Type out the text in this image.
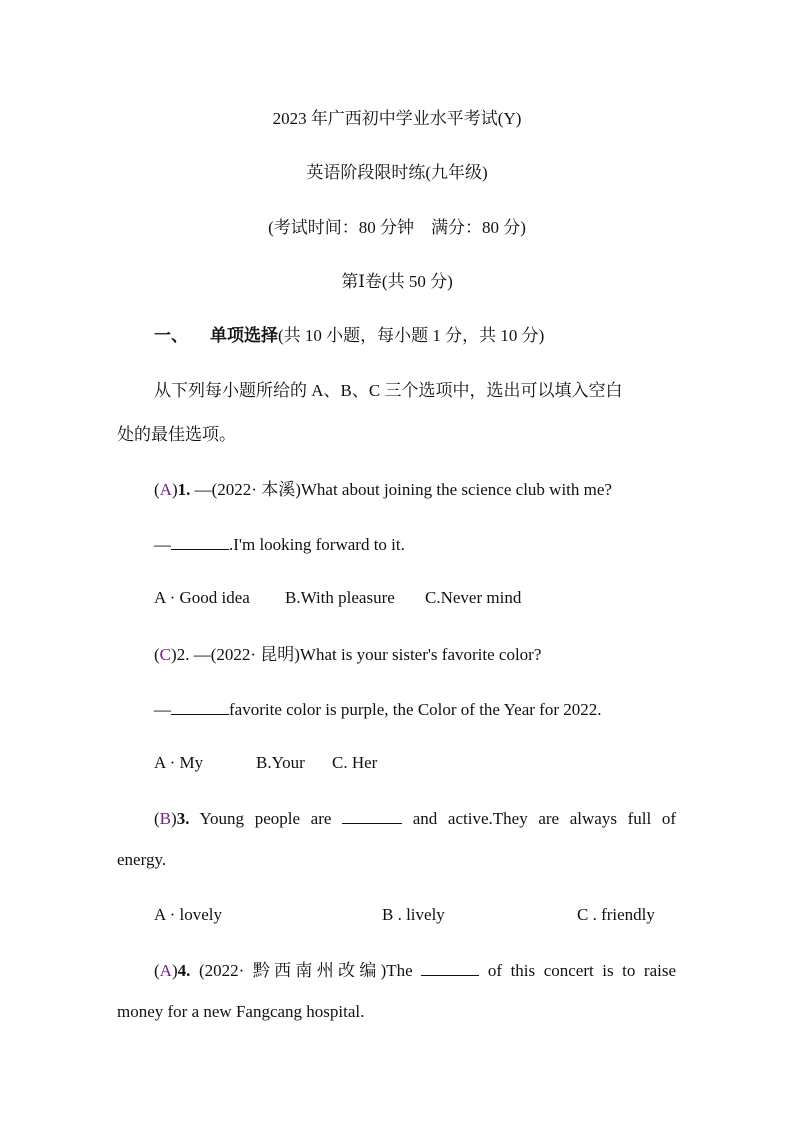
2023 年广西初中学业水平考试(Y)
英语阶段限时练(九年级)
(考试时间：80 分钟　满分：80 分)
第Ⅰ卷(共 50 分)
一、 单项选择(共 10 小题，每小题 1 分，共 10 分)
从下列每小题所给的 A、B、C 三个选项中，选出可以填入空白
处的最佳选项。
(A)1. —(2022· 本溪)What about joining the science club with me?
—	.I'm looking forward to it.
A · Good idea B.With pleasure C.Never mind
(C)2. —(2022· 昆明)What is your sister's favorite color?
—	favorite color is purple, the Color of the Year for 2022.
A · My	B.Your C. Her
(B)3. Young people are	and active.They are always full of
energy.
A · lovely	B . lively	C . friendly
(A)4. (2022· 黔西南州改编)The	of this concert is to raise
money for a new Fangcang hospital.
